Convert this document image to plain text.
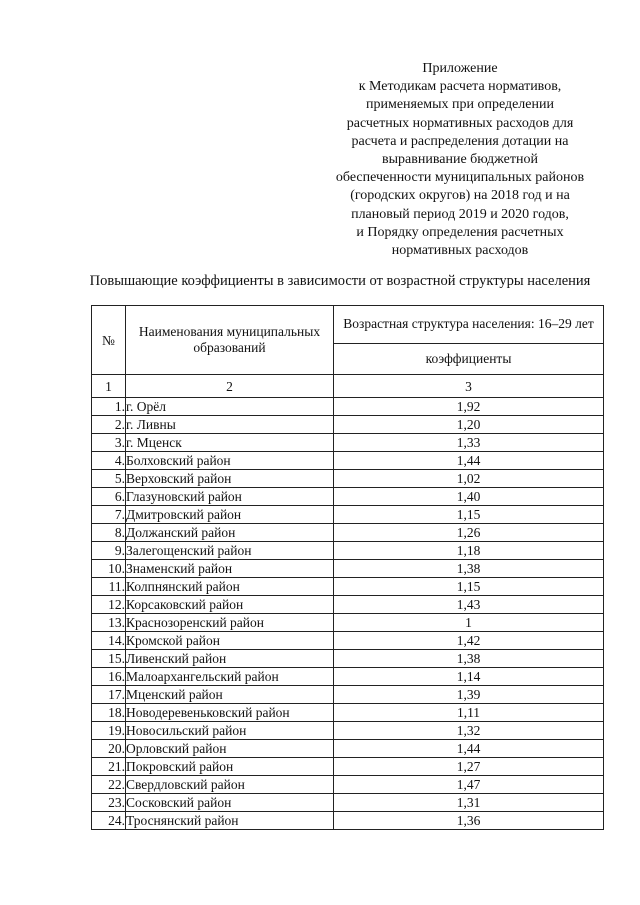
Приложение
к Методикам расчета нормативов,
применяемых при определении
расчетных нормативных расходов для
расчета и распределения дотации на
выравнивание бюджетной
обеспеченности муниципальных районов
(городских округов) на 2018 год и на
плановый период 2019 и 2020 годов,
и Порядку определения расчетных
нормативных расходов
Повышающие коэффициенты в зависимости от возрастной структуры населения
№	Наименования муниципальных образований	Возрастная структура населения: 16–29 лет
		коэффициенты
1	2	3
1.	г. Орёл	1,92
2.	г. Ливны	1,20
3.	г. Мценск	1,33
4.	Болховский район	1,44
5.	Верховский район	1,02
6.	Глазуновский район	1,40
7.	Дмитровский район	1,15
8.	Должанский район	1,26
9.	Залегощенский район	1,18
10.	Знаменский район	1,38
11.	Колпнянский район	1,15
12.	Корсаковский район	1,43
13.	Краснозоренский район	1
14.	Кромской район	1,42
15.	Ливенский район	1,38
16.	Малоархангельский район	1,14
17.	Мценский район	1,39
18.	Новодеревеньковский район	1,11
19.	Новосильский район	1,32
20.	Орловский район	1,44
21.	Покровский район	1,27
22.	Свердловский район	1,47
23.	Сосковский район	1,31
24.	Троснянский район	1,36
